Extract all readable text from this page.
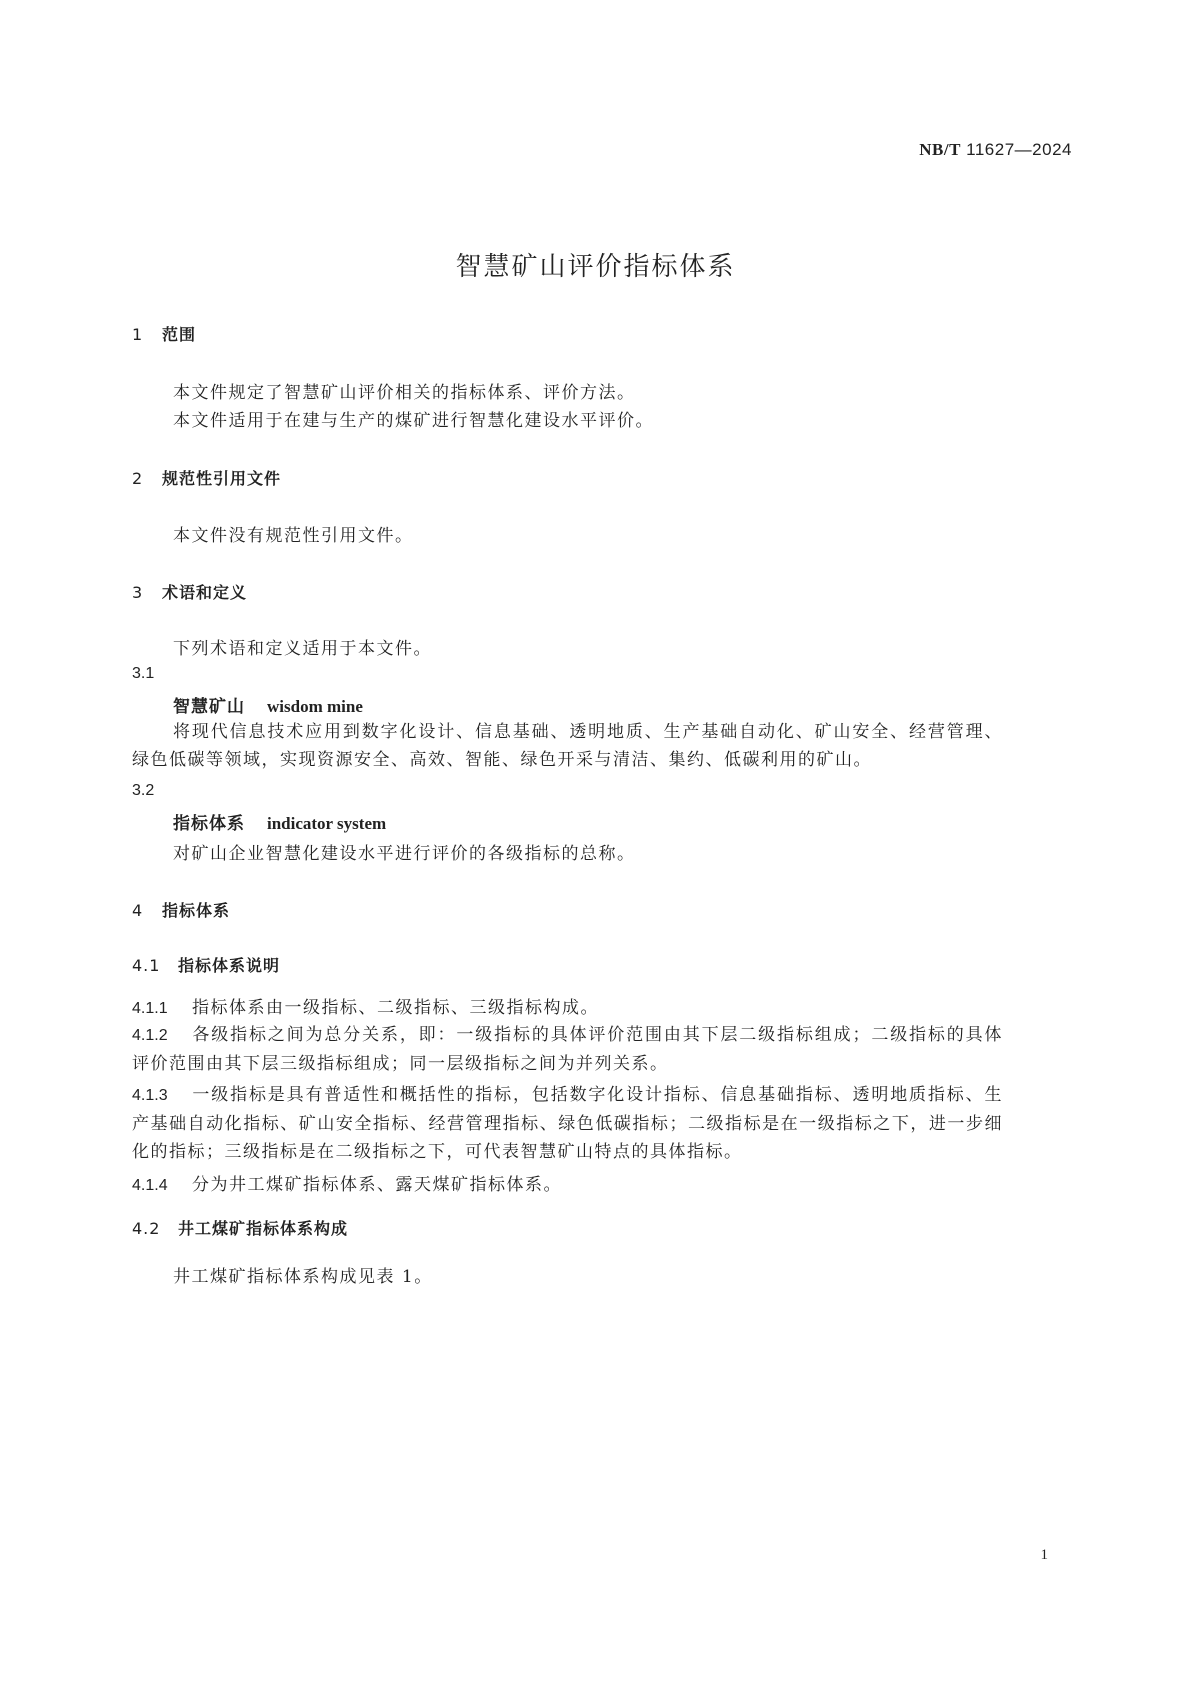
NB/T 11627—2024
智慧矿山评价指标体系
1 范围
本文件规定了智慧矿山评价相关的指标体系、评价方法。
本文件适用于在建与生产的煤矿进行智慧化建设水平评价。
2 规范性引用文件
本文件没有规范性引用文件。
3 术语和定义
下列术语和定义适用于本文件。
3.1
智慧矿山 wisdom mine
将现代信息技术应用到数字化设计、信息基础、透明地质、生产基础自动化、矿山安全、经营管理、绿色低碳等领域，实现资源安全、高效、智能、绿色开采与清洁、集约、低碳利用的矿山。
3.2
指标体系 indicator system
对矿山企业智慧化建设水平进行评价的各级指标的总称。
4 指标体系
4.1 指标体系说明
4.1.1 指标体系由一级指标、二级指标、三级指标构成。
4.1.2 各级指标之间为总分关系，即：一级指标的具体评价范围由其下层二级指标组成；二级指标的具体评价范围由其下层三级指标组成；同一层级指标之间为并列关系。
4.1.3 一级指标是具有普适性和概括性的指标，包括数字化设计指标、信息基础指标、透明地质指标、生产基础自动化指标、矿山安全指标、经营管理指标、绿色低碳指标；二级指标是在一级指标之下，进一步细化的指标；三级指标是在二级指标之下，可代表智慧矿山特点的具体指标。
4.1.4 分为井工煤矿指标体系、露天煤矿指标体系。
4.2 井工煤矿指标体系构成
井工煤矿指标体系构成见表 1。
1
